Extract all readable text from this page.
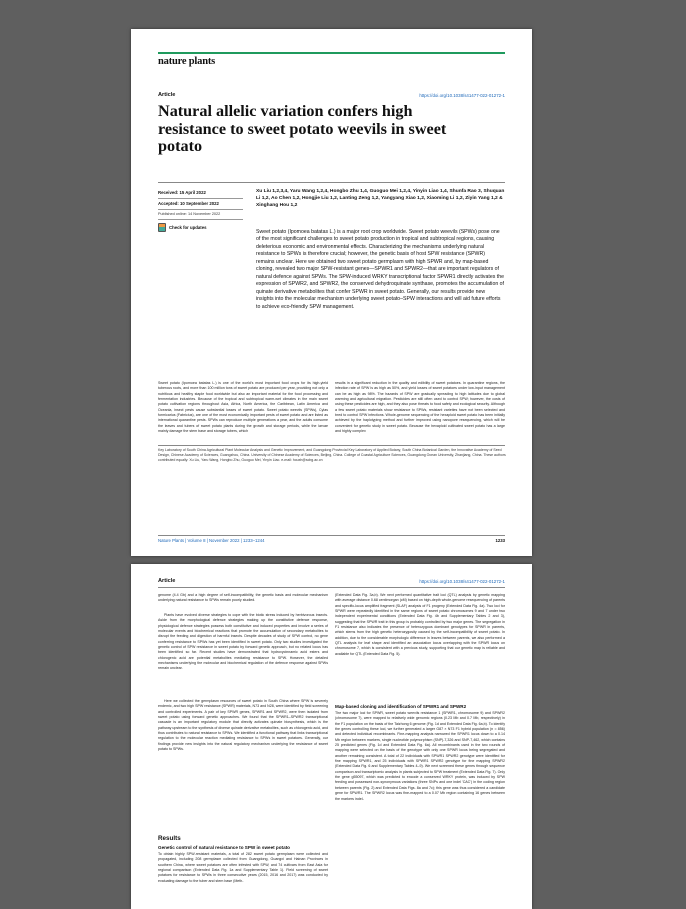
nature plants
Article	https://doi.org/10.1038/s41477-022-01272-1
Natural allelic variation confers high resistance to sweet potato weevils in sweet potato
Received: 15 April 2022
Accepted: 10 September 2022
Published online: 14 November 2022
Check for updates
Xu Liu 1,2,3,4, Yaru Wang 1,2,4, Hongbo Zhu 1,4, Guoguo Mei 1,2,4, Yinyin Liao 1,4, Shunfa Rao 3, Shuquan Li 1,2, Ao Chen 1,2, Hongjie Liu 1,2, Lanting Zeng 1,2, Yangyang Xiao 1,2, Xiaoming Li 1,2, Ziyin Yang 1,2 & Xinghang Hou 1,2

Sweet potato (Ipomoea batatas L.) is a major root crop worldwide. Sweet potato weevils (SPWs) pose one of the most significant challenges to sweet potato production in tropical and subtropical regions, causing deleterious economic and environmental effects. Characterizing the mechanisms underlying natural resistance to SPWs is therefore crucial; however, the genetic basis of host SPW resistance (SPWR) remains unclear. Here we obtained two sweet potato germplasm with high SPWR and, by map-based cloning, revealed two major SPW-resistant genes—SPWR1 and SPWR2—that are important regulators of natural defence against SPWs. The SPW-induced WRKY transcriptional factor SPWR1 directly activates the expression of SPWR2, and SPWR2, the conserved dehydroquinate synthase, promotes the accumulation of quinate derivative metabolites that confer SPWR in sweet potato. Generally, our results provide new insights into the molecular mechanism underlying sweet potato–SPW interactions and will aid future efforts to achieve eco-friendly SPW management.

Sweet potato (Ipomoea batatas L.) is one of the world's most important food crops for its high-yield tuberous roots, and more than 100 million tons of sweet potato are produced per year, providing not only a nutritious and healthy staple food worldwide but also an important material for the food processing and fermentation industries. Because of the tropical and subtropical warm-wet climates in the main sweet potato cultivation regions throughout Asia, Africa, North America, the Caribbean, Latin America and Oceania, insect pests cause substantial losses of sweet potato. Sweet potato weevils (SPWs), Cylas formicarius (Fabricius), are one of the most economically important pests of sweet potato and are listed as international quarantine pests. SPWs can reproduce multiple generations a year, and the adults consume the leaves and tubers of sweet potato plants during the growth and storage periods, while the larvae mainly damage the stem base and storage tubers, which

results in a significant reduction in the quality and edibility of sweet potatoes. In quarantine regions, the infection rate of SPW is as high as 50%, and yield losses of sweet potatoes under low-input management can be as high as 98%. The hazards of SPW are gradually spreading to high latitudes due to global warming and agricultural migration. Pesticides are still often used to control SPW; however, the costs of using these pesticides are high, and they also pose threats to food safety and ecological security. Although a few sweet potato materials show resistance to SPWs, resistant varieties have not been selected and bred to control SPW infections. Whole-genome sequencing of the hexaploid sweet potato has been initially achieved by the haplotyping method and further improved using nanopore resequencing, which will be convenient for genetic study in sweet potato. Because the hexaploid cultivated sweet potato has a large and highly complex

Key Laboratory of South China Agricultural Plant Molecular Analysis and Genetic Improvement, and Guangdong Provincial Key Laboratory of Applied Botany, South China Botanical Garden, the Innovative Academy of Seed Design, Chinese Academy of Sciences, Guangzhou, China. University of Chinese Academy of Sciences, Beijing, China. College of Coastal Agriculture Sciences, Guangdong Ocean University, Zhanjiang, China. These authors contributed equally: Xu Liu, Yaru Wang, Hongbo Zhu, Guoguo Mei, Yinyin Liao. e-mail: houxh@scbg.ac.cn

Nature Plants | Volume 8 | November 2022 | 1233–1244	1233
Article	https://doi.org/10.1038/s41477-022-01272-1

genome (4.4 Gb) and a high degree of self-incompatibility, the genetic basis and molecular mechanism underlying natural resistance to SPWs remain poorly studied.

Plants have evolved diverse strategies to cope with the biotic stress induced by herbivorous insects. Aside from the morphological defence strategies making up the constitutive defence response, physiological defence strategies possess both constitutive and induced properties and involve a series of molecular events and biochemical reactions that promote the accumulation of secondary metabolites to disrupt the feeding and digestion of harmful insects. Despite decades of study of SPW control, no gene conferring resistance to SPWs has yet been identified in sweet potato. Only two studies investigated the genetic control of SPW resistance in sweet potato by forward genetic approach, but no related locus has been identified so far. Recent studies have demonstrated that hydroxycinnamic acid esters and chlorogenic acid are potential metabolites mediating resistance to SPW. However, the detailed mechanisms underlying the molecular and biochemical regulation of the defence response against SPWs remain unclear.

Here we collected the germplasm resources of sweet potato in South China where SPW is severely endemic, and two high SPW resistance (SPWR) materials, N73 and N28, were identified by field screening and controlled experiments. A pair of key SPWR genes, SPWR1 and SPWR2, were then isolated from sweet potato using forward genetic approaches. We found that the SPWR1–SPWR2 transcriptional cascade is an important regulatory module that directly activates quinate biosynthesis, which is the pathway upstream to the synthesis of diverse quinate derivative metabolites, such as chlorogenic acid, and thus contributes to natural resistance to SPWs. We identified a functional pathway that links transcriptional regulation to the molecular reaction mediating resistance to SPWs in sweet potatoes. Generally, our findings provide new insights into the natural regulatory mechanism underlying the resistance of sweet potato to SPWs.

Results
Genetic control of natural resistance to SPW in sweet potato

To obtain highly SPW-resistant materials, a total of 282 sweet potato germplasm were collected and propagated, including 208 germplasm collected from Guangdong, Guangxi and Hainan Provinces in southern China, where sweet potatoes are often infested with SPW, and 74 cultivars from East Asia for regional comparison (Extended Data Fig. 1a and Supplementary Table 1). Field screening of sweet potatoes for resistance to SPWs in three consecutive years (2015, 2016 and 2017) was conducted by evaluating damage to the tuber and stem base (Meth-

(Extended Data Fig. 3a,b). We next performed quantitative trait loci (QTL) analysis by genetic mapping with average distance 0.68 centimorgan (cM) based on high-depth whole-genome resequencing of parents and specific-locus amplified fragment (SLAF) analysis of F1 progeny (Extended Data Fig. 4a). Two loci for SPWR were repeatedly identified in the same regions of sweet potato chromosomes 9 and 7 under two independent experimental conditions (Extended Data Fig. 4b and Supplementary Tables 2 and 3), suggesting that the SPWR trait in this group is probably controlled by two major genes. The segregation in F1 resistance also indicates the presence of heterozygous dominant genotypes for SPWR in parents, which stems from the high genetic heterozygosity caused by the self-incompatibility of sweet potato. In addition, due to the considerable morphologic difference in leaves between parents, we also performed a QTL analysis for leaf shape and identified an association locus overlapping with the SPWR locus on chromosome 7, which is consistent with a previous study, supporting that our genetic map is reliable and available for QTL (Extended Data Fig. 5).

Map-based cloning and identification of SPWR1 and SPWR2

The two major loci for SPWR, sweet potato weevils resistance 1 (SPWR1, chromosome 9) and SPWR2 (chromosome 7), were mapped to relatively wide genomic regions (0.23 Mb and 0.7 Mb, respectively) in the F1 population on the basis of the Taizhong 6 genome (Fig. 1d and Extended Data Fig. 6a,b). To identify the genes controlling these loci, we further generated a larger G87 × N73 F1 hybrid population (n = 856) and detected individual recombinants. Fine-mapping analysis narrowed the SPWR1 locus down to a 0.14 Mb region between markers, single nucleotide polymorphism (SNP)-7,326 and SNP-7,462, which contains 25 predicted genes (Fig. 1d and Extended Data Fig. 6a). All recombinants used in the two rounds of mapping were selected on the basis of the genotype with only one SPWR locus being segregated and another remaining consistent. A total of 22 individuals with SPWR1 SPWR2 genotype were identified for fine mapping SPWR1, and 25 individuals with SPWR1 SPWR2 genotype for fine mapping SPWR2 (Extended Data Fig. 6 and Supplementary Tables 4–9). We next screened these genes through sequence comparison and transcriptomic analysis in plants subjected to SPW treatment (Extended Data Fig. 7). Only the gene g55097, which was predicted to encode a conserved WRKY protein, was induced by SPW feeding and possessed non-synonymous variations (three SNPs and one indel 'CAC') in the coding region between parents (Fig. 2) and Extended Data Figs. 8a and 7c); this gene was thus considered a candidate gene for SPWR1. The SPWR2 locus was fine-mapped to a 0.07 Mb region containing 16 genes between the markers indel-
